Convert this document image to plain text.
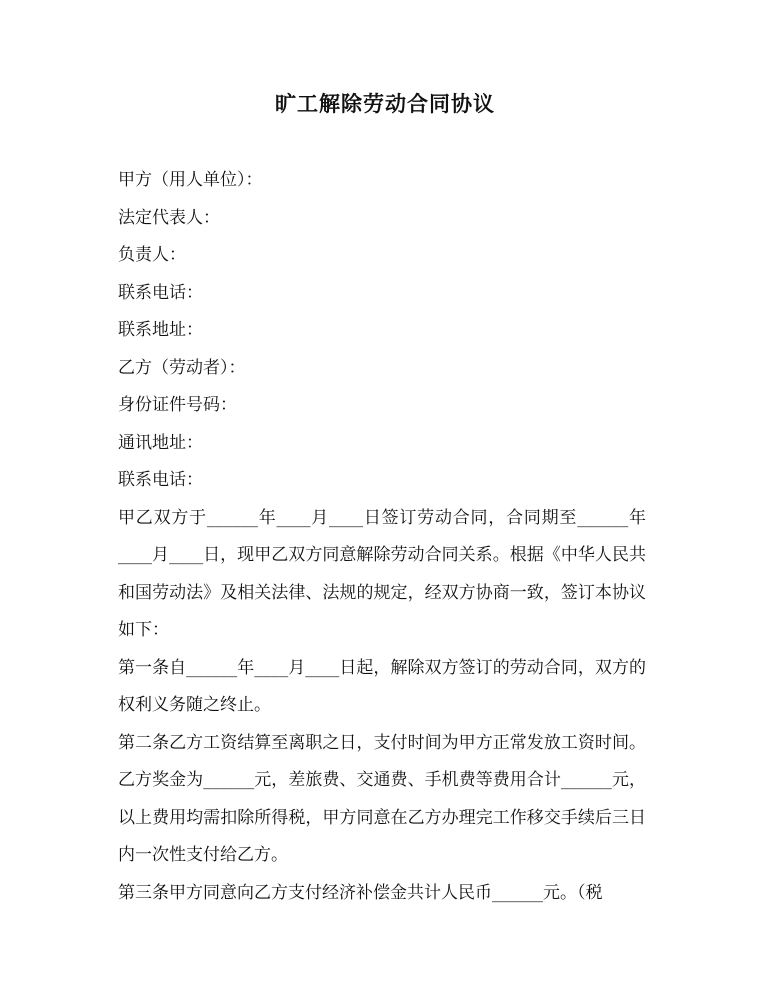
旷工解除劳动合同协议

甲方（用人单位）：

法定代表人：

负责人：

联系电话：

联系地址：

乙方（劳动者）：

身份证件号码：

通讯地址：

联系电话：

甲乙双方于______年____月____日签订劳动合同，合同期至______年____月____日，现甲乙双方同意解除劳动合同关系。根据《中华人民共和国劳动法》及相关法律、法规的规定，经双方协商一致，签订本协议如下：

第一条自______年____月____日起，解除双方签订的劳动合同，双方的权利义务随之终止。

第二条乙方工资结算至离职之日，支付时间为甲方正常发放工资时间。乙方奖金为______元，差旅费、交通费、手机费等费用合计______元，以上费用均需扣除所得税，甲方同意在乙方办理完工作移交手续后三日内一次性支付给乙方。

第三条甲方同意向乙方支付经济补偿金共计人民币______元。（税
